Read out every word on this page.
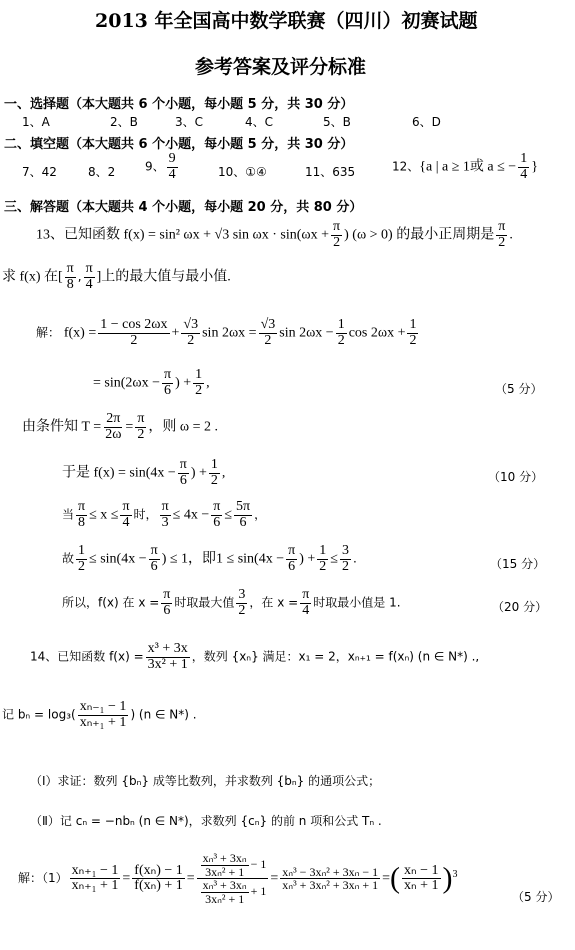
2013 年全国高中数学联赛（四川）初赛试题
参考答案及评分标准
一、选择题（本大题共 6 个小题，每小题 5 分，共 30 分）
1、A	2、B	3、C	4、C	5、B	6、D
二、填空题（本大题共 6 个小题，每小题 5 分，共 30 分）
7、42	8、2 9、 $\frac{9}{4}$	10、①④	11、635	12、{a | a ≥ 1或 a ≤ − $\frac{1}{4}$ }
三、解答题（本大题共 4 个小题，每小题 20 分，共 80 分）
13、已知函数 f(x) = sin² ωx + √3 $\sin \omega x \cdot \sin(\omega x + \frac{\pi}{2}$ ) (ω > 0) 的最小正周期是 $\frac{\pi}{2}$ .
求 f(x) 在[ $\frac{\pi}{8}$ , $\frac{\pi}{4}$ ]上的最大值与最小值.
解： $f(x) = \frac{1 - \cos 2\omega x}{2} + \frac{√3}{2}$ $\sin 2\omega x = \frac{√3}{2}$ $\sin 2\omega x - \frac{1}{2}$ $\cos 2\omega x + \frac{1}{2}$
= $\sin(2\omega x - \frac{\pi}{6}$ ) + $\frac{1}{2}$ ,	（5 分）
由条件知 $T = \frac{2\pi}{2\omega} = \frac{\pi}{2}$ ，则 ω = 2 .
于是 $f(x) = \sin(4x - \frac{\pi}{6}$ ) + $\frac{1}{2}$ ,	（10 分）
当 $\frac{\pi}{8} \le x \le \frac{\pi}{4}$ 时， $\frac{\pi}{3} \le 4x - \frac{\pi}{6} \le \frac{5\pi}{6}$ ，
故 $\frac{1}{2} \le \sin(4x - \frac{\pi}{6}$ ) ≤ 1，即$1 \le \sin(4x - \frac{\pi}{6}$ ) + $\frac{1}{2} \le \frac{3}{2}$ .	（15 分）
所以，f(x) 在 $x = \frac{\pi}{6}$ 时取最大值 $\frac{3}{2}$ ，在 $x = \frac{\pi}{4}$ 时取最小值是 1.	（20 分）
14、已知函数 $f(x) = \frac{\text{x³ + 3x}}{\text{3x² + 1}}$ ，数列 {xₙ} 满足：x₁ = 2，xₙ₊₁ = f(xₙ) (n ∈ N*) .,
记 $b_n = \log_3( \frac{\text{xₙ₋₁ − 1}}{\text{xₙ₊₁ + 1}}$ ) (n ∈ N*) .
（Ⅰ）求证：数列 {bₙ} 成等比数列，并求数列 {bₙ} 的通项公式；
（Ⅱ）记 cₙ = −nbₙ (n ∈ N*)，求数列 {cₙ} 的前 n 项和公式 Tₙ .
解：$(1) \frac{\text{xₙ₊₁ − 1}}{\text{xₙ₊₁ + 1}} = \frac{\text{f(xₙ) − 1}}{\text{f(xₙ) + 1}} = \frac{\frac{\text{xₙ³ + 3xₙ}}{\text{3xₙ² + 1}} - 1}{\frac{\text{xₙ³ + 3xₙ}}{\text{3xₙ² + 1}} + 1} = \frac{\text{xₙ³ − 3xₙ² + 3xₙ − 1}}{\text{xₙ³ + 3xₙ² + 3xₙ + 1}}$ =( $\frac{\text{xₙ − 1}}{\text{xₙ + 1}} )^3$
（5 分）
